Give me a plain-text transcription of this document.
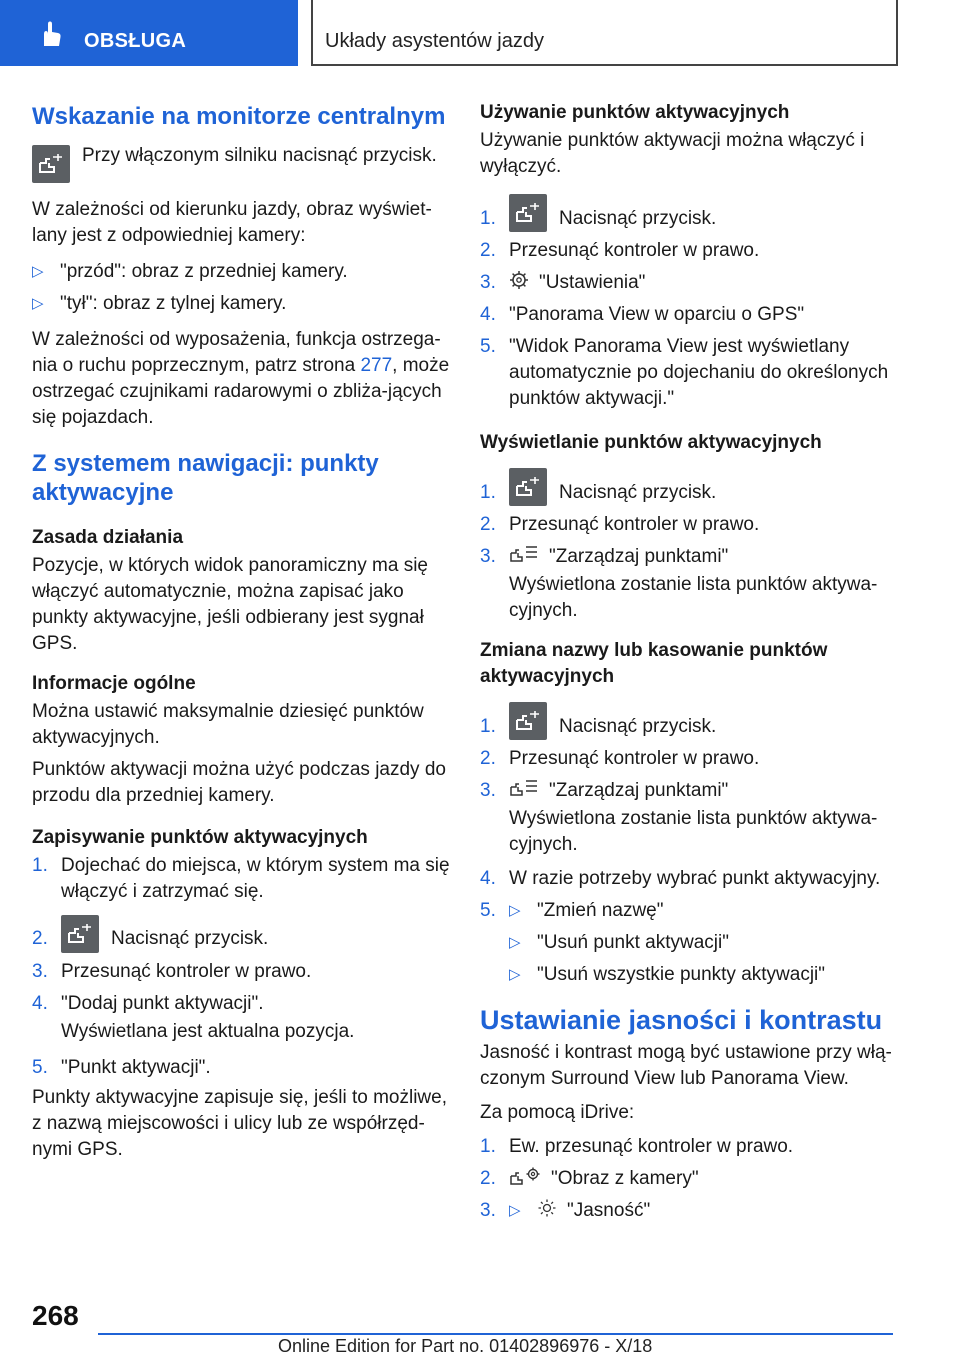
OBSŁUGA	Układy asystentów jazdy
Wskazanie na monitorze centralnym
Przy włączonym silniku nacisnąć przycisk.
W zależności od kierunku jazdy, obraz wyświet‐lany jest z odpowiedniej kamery:
▷ "przód": obraz z przedniej kamery.
▷ "tył": obraz z tylnej kamery.
W zależności od wyposażenia, funkcja ostrzega‐nia o ruchu poprzecznym, patrz strona 277, może ostrzegać czujnikami radarowymi o zbliża‐jących się pojazdach.
Z systemem nawigacji: punkty aktywacyjne
Zasada działania
Pozycje, w których widok panoramiczny ma się włączyć automatycznie, można zapisać jako punkty aktywacyjne, jeśli odbierany jest sygnał GPS.
Informacje ogólne
Można ustawić maksymalnie dziesięć punktów aktywacyjnych.
Punktów aktywacji można użyć podczas jazdy do przodu dla przedniej kamery.
Zapisywanie punktów aktywacyjnych
1. Dojechać do miejsca, w którym system ma się włączyć i zatrzymać się.
2.	Nacisnąć przycisk.
3. Przesunąć kontroler w prawo.
4. "Dodaj punkt aktywacji".
Wyświetlana jest aktualna pozycja.
5. "Punkt aktywacji".
Punkty aktywacyjne zapisuje się, jeśli to możliwe, z nazwą miejscowości i ulicy lub ze współrzęd‐nymi GPS.
Używanie punktów aktywacyjnych
Używanie punktów aktywacji można włączyć i wyłączyć.
1.	Nacisnąć przycisk.
2. Przesunąć kontroler w prawo.
3.	"Ustawienia"
4. "Panorama View w oparciu o GPS"
5. "Widok Panorama View jest wyświetlany automatycznie po dojechaniu do określonych punktów aktywacji."
Wyświetlanie punktów aktywacyjnych
1.	Nacisnąć przycisk.
2. Przesunąć kontroler w prawo.
3.	"Zarządzaj punktami"
Wyświetlona zostanie lista punktów aktywa‐cyjnych.
Zmiana nazwy lub kasowanie punktów aktywacyjnych
1.	Nacisnąć przycisk.
2. Przesunąć kontroler w prawo.
3.	"Zarządzaj punktami"
Wyświetlona zostanie lista punktów aktywa‐cyjnych.
4. W razie potrzeby wybrać punkt aktywacyjny.
5. ▷ "Zmień nazwę"
▷ "Usuń punkt aktywacji"
▷ "Usuń wszystkie punkty aktywacji"
Ustawianie jasności i kontrastu
Jasność i kontrast mogą być ustawione przy włą‐czonym Surround View lub Panorama View.
Za pomocą iDrive:
1. Ew. przesunąć kontroler w prawo.
2.	"Obraz z kamery"
3. ▷	"Jasność"
268
Online Edition for Part no. 01402896976 - X/18
